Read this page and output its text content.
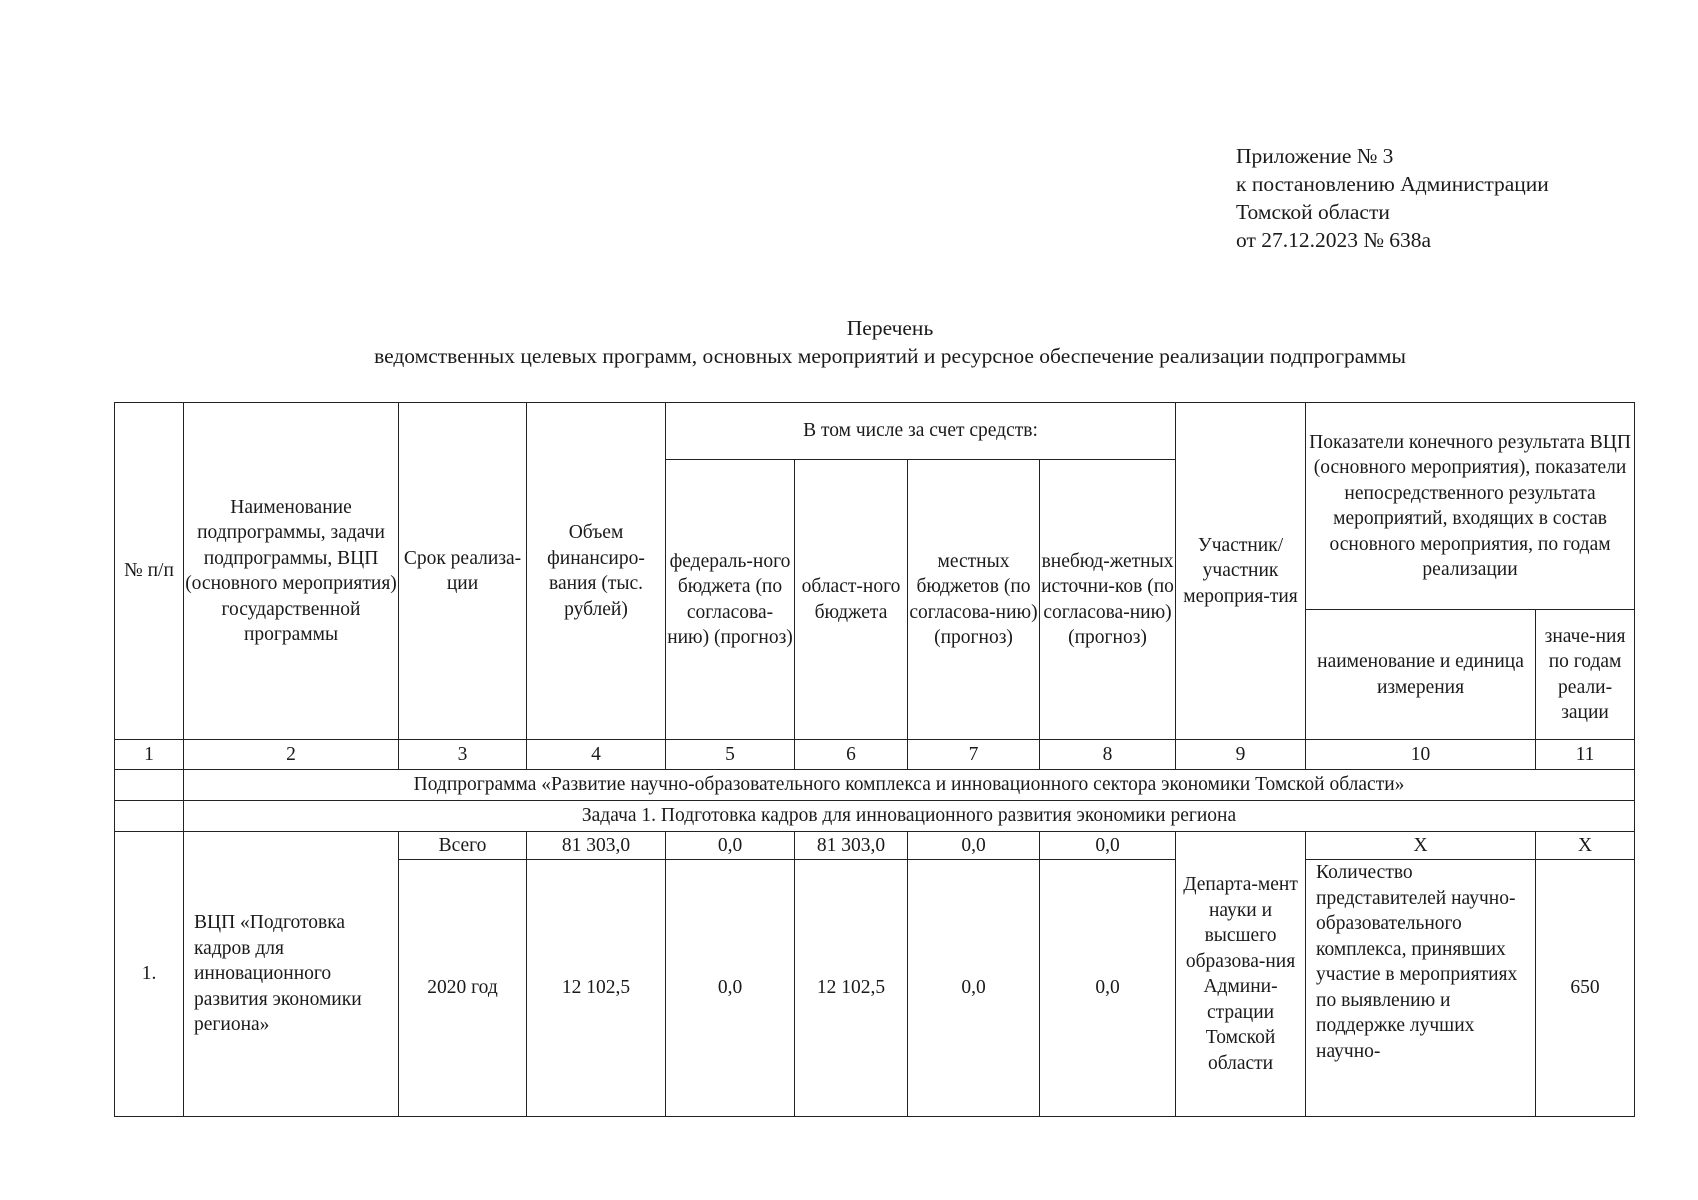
Приложение № 3
к постановлению Администрации
Томской области
от 27.12.2023 № 638а
Перечень
ведомственных целевых программ, основных мероприятий и ресурсное обеспечение реализации подпрограммы
№ п/п	Наименование подпрограммы, задачи подпрограммы, ВЦП (основного мероприятия) государственной программы	Срок реализа-ции	Объем финансиро-вания (тыс. рублей)	В том числе за счет средств:				Участник/ участник мероприя-тия	Показатели конечного результата ВЦП (основного мероприятия), показатели непосредственного результата мероприятий, входящих в состав основного мероприятия, по годам реализации	
				федераль-ного бюджета (по согласова-нию) (прогноз)	област-ного бюджета	местных бюджетов (по согласова-нию) (прогноз)	внебюд-жетных источни-ков (по согласова-нию) (прогноз)			
									наименование и единица измерения	значе-ния по годам реали-зации
1	2	3	4	5	6	7	8	9	10	11
	Подпрограмма «Развитие научно-образовательного комплекса и инновационного сектора экономики Томской области»									
	Задача 1. Подготовка кадров для инновационного развития экономики региона									
1.	ВЦП «Подготовка кадров для инновационного развития экономики региона»	Всего	81 303,0	0,0	81 303,0	0,0	0,0	Департа-мент науки и высшего образова-ния Админи-страции Томской области	Х	Х
		2020 год	12 102,5	0,0	12 102,5	0,0	0,0		Количество представителей научно-образовательного комплекса, принявших участие в мероприятиях по выявлению и поддержке лучших научно-	650
